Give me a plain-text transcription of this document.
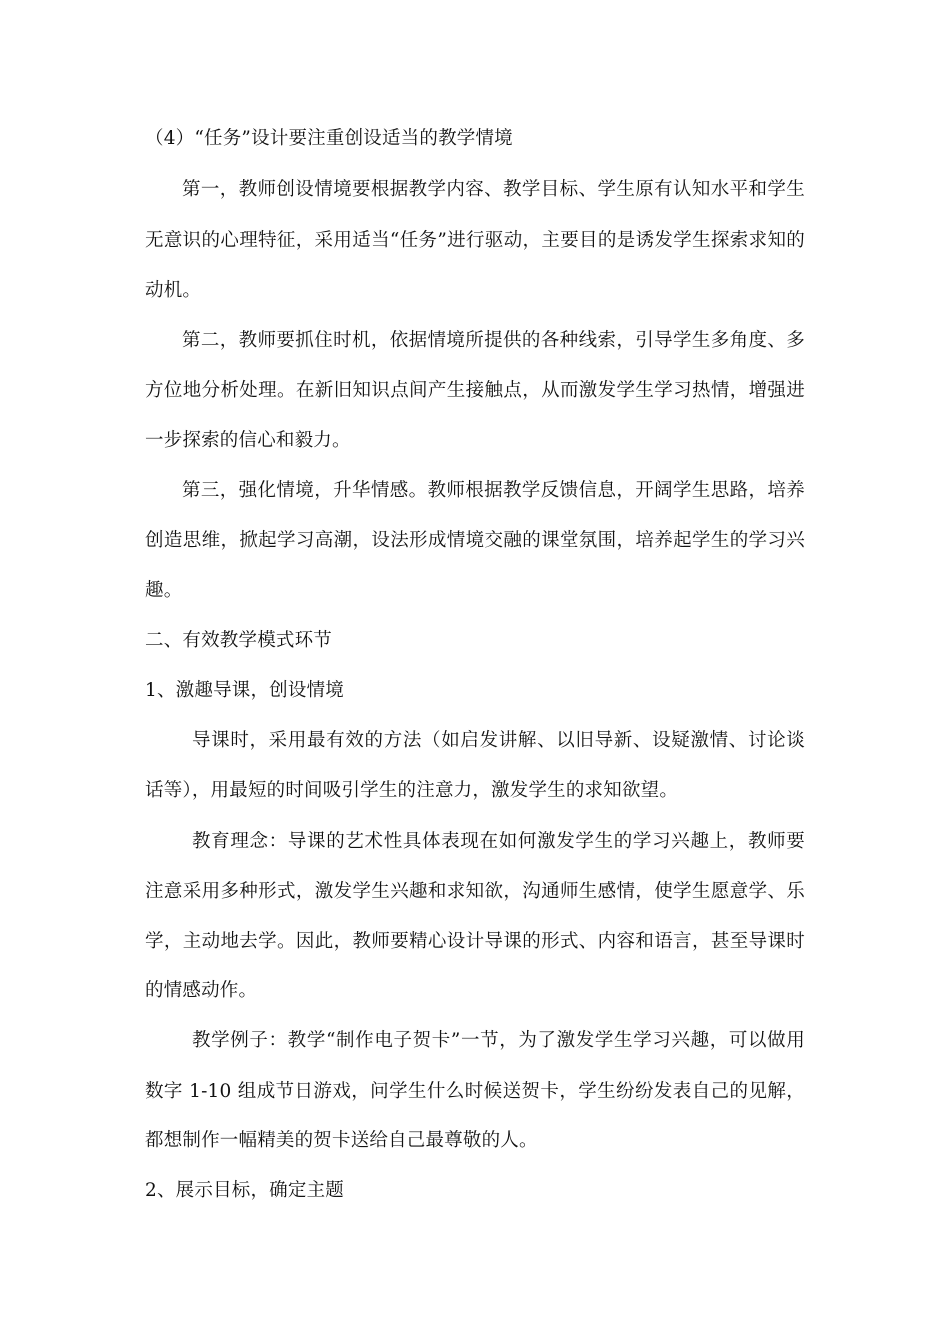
（4）“任务”设计要注重创设适当的教学情境
第一，教师创设情境要根据教学内容、教学目标、学生原有认知水平和学生
无意识的心理特征，采用适当“任务”进行驱动，主要目的是诱发学生探索求知的
动机。
第二，教师要抓住时机，依据情境所提供的各种线索，引导学生多角度、多
方位地分析处理。在新旧知识点间产生接触点，从而激发学生学习热情，增强进
一步探索的信心和毅力。
第三，强化情境，升华情感。教师根据教学反馈信息，开阔学生思路，培养
创造思维，掀起学习高潮，设法形成情境交融的课堂氛围，培养起学生的学习兴
趣。
二、有效教学模式环节
1、激趣导课，创设情境
导课时，采用最有效的方法（如启发讲解、以旧导新、设疑激情、讨论谈
话等），用最短的时间吸引学生的注意力，激发学生的求知欲望。
教育理念：导课的艺术性具体表现在如何激发学生的学习兴趣上，教师要
注意采用多种形式，激发学生兴趣和求知欲，沟通师生感情，使学生愿意学、乐
学，主动地去学。因此，教师要精心设计导课的形式、内容和语言，甚至导课时
的情感动作。
教学例子：教学“制作电子贺卡”一节，为了激发学生学习兴趣，可以做用
数字 1-10 组成节日游戏，问学生什么时候送贺卡，学生纷纷发表自己的见解，
都想制作一幅精美的贺卡送给自己最尊敬的人。
2、展示目标，确定主题
